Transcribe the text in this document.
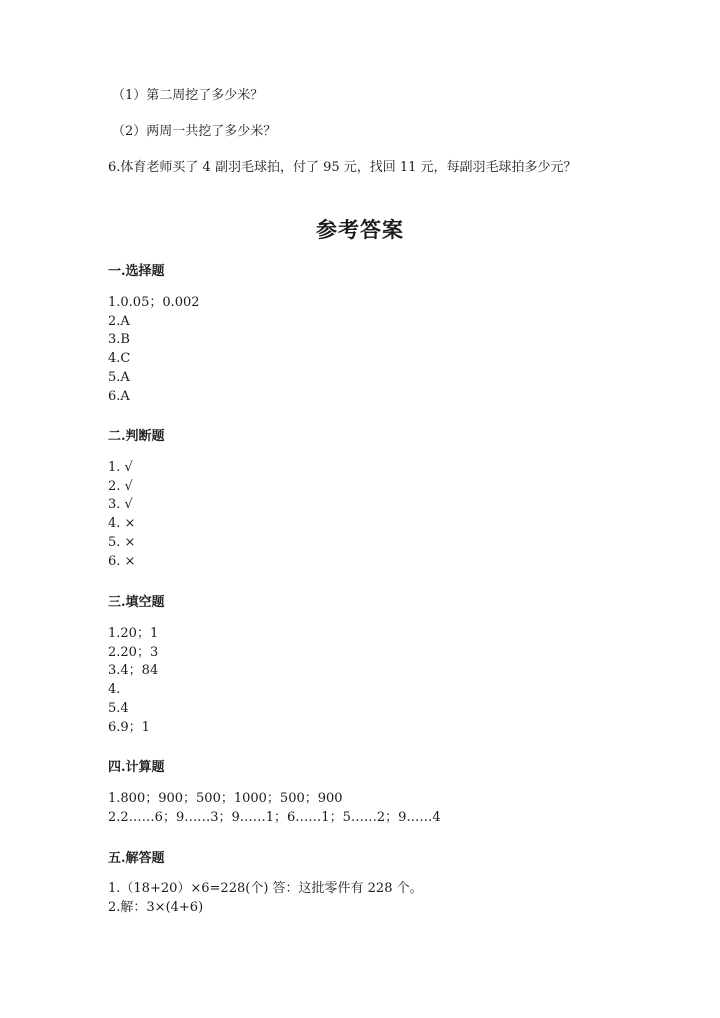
（1）第二周挖了多少米？
（2）两周一共挖了多少米？
6.体育老师买了 4 副羽毛球拍，付了 95 元，找回 11 元，每副羽毛球拍多少元？
参考答案
一.选择题
1.0.05；0.002
2.A
3.B
4.C
5.A
6.A
二.判断题
1. √
2. √
3. √
4. ×
5. ×
6. ×
三.填空题
1.20；1
2.20；3
3.4；84
4.
5.4
6.9；1
四.计算题
1.800；900；500；1000；500；900
2.2……6；9……3；9……1；6……1；5……2；9……4
五.解答题
1.（18+20）×6=228(个) 答：这批零件有 228 个。
2.解：3×(4+6)
